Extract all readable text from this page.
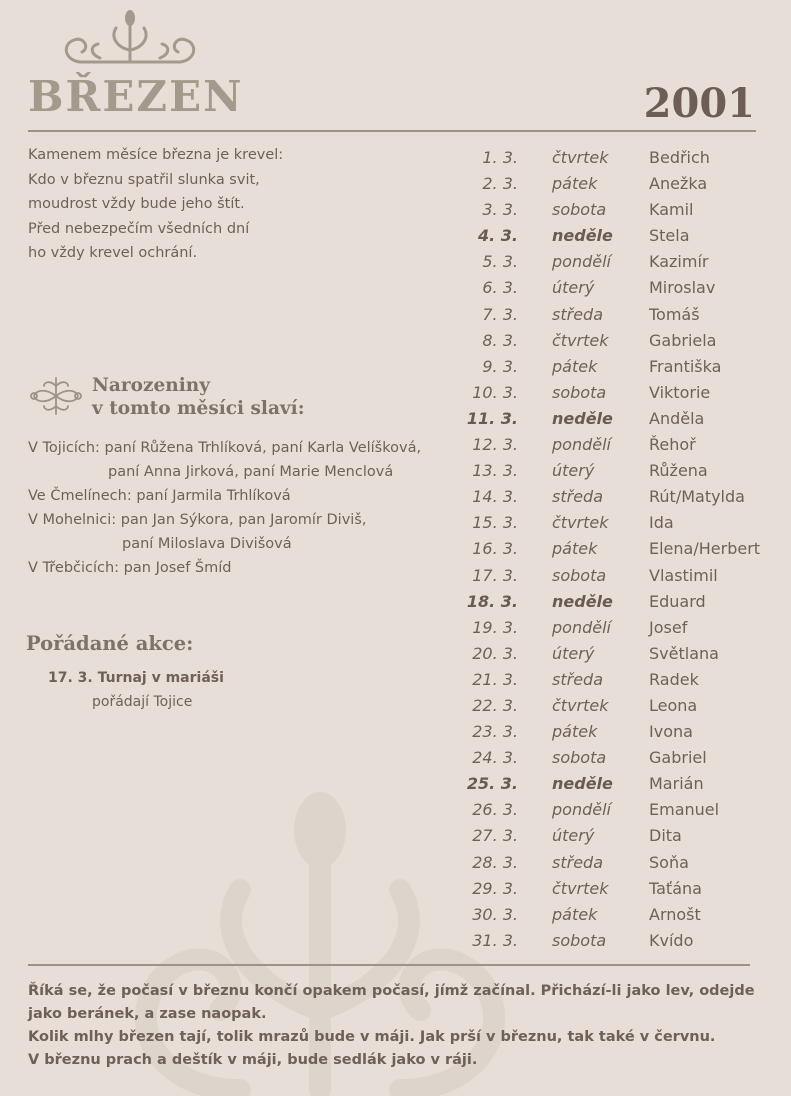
BŘEZEN	2001
Kamenem měsíce března je krevel:
Kdo v březnu spatřil slunka svit,
moudrost vždy bude jeho štít.
Před nebezpečím všedních dní
ho vždy krevel ochrání.
Narozeniny
v tomto měsíci slaví:
V Tojicích: paní Růžena Trhlíková, paní Karla Velíšková,
paní Anna Jirková, paní Marie Menclová
Ve Čmelínech: paní Jarmila Trhlíková
V Mohelnici: pan Jan Sýkora, pan Jaromír Diviš,
paní Miloslava Divišová
V Třebčicích: pan Josef Šmíd
Pořádané akce:
17. 3. Turnaj v mariáši
pořádají Tojice
1. 3. čtvrtek	Bedřich
2. 3. pátek	Anežka
3. 3. sobota	Kamil
4. 3. neděle Stela
5. 3. pondělí Kazimír
6. 3. úterý	Miroslav
7. 3. středa	Tomáš
8. 3. čtvrtek	Gabriela
9. 3. pátek	Františka
10. 3. sobota	Viktorie
11. 3. neděle Anděla
12. 3. pondělí Řehoř
13. 3. úterý	Růžena
14. 3. středa	Rút/Matylda
15. 3. čtvrtek	Ida
16. 3. pátek	Elena/Herbert
17. 3. sobota	Vlastimil
18. 3. neděle Eduard
19. 3. pondělí Josef
20. 3. úterý	Světlana
21. 3. středa	Radek
22. 3. čtvrtek	Leona
23. 3. pátek	Ivona
24. 3. sobota	Gabriel
25. 3. neděle Marián
26. 3. pondělí Emanuel
27. 3. úterý	Dita
28. 3. středa	Soňa
29. 3. čtvrtek	Taťána
30. 3. pátek	Arnošt
31. 3. sobota	Kvído
Říká se, že počasí v březnu končí opakem počasí, jímž začínal. Přichází-li jako lev, odejde jako beránek, a zase naopak.
Kolik mlhy březen tají, tolik mrazů bude v máji. Jak prší v březnu, tak také v červnu.
V březnu prach a deštík v máji, bude sedlák jako v ráji.
